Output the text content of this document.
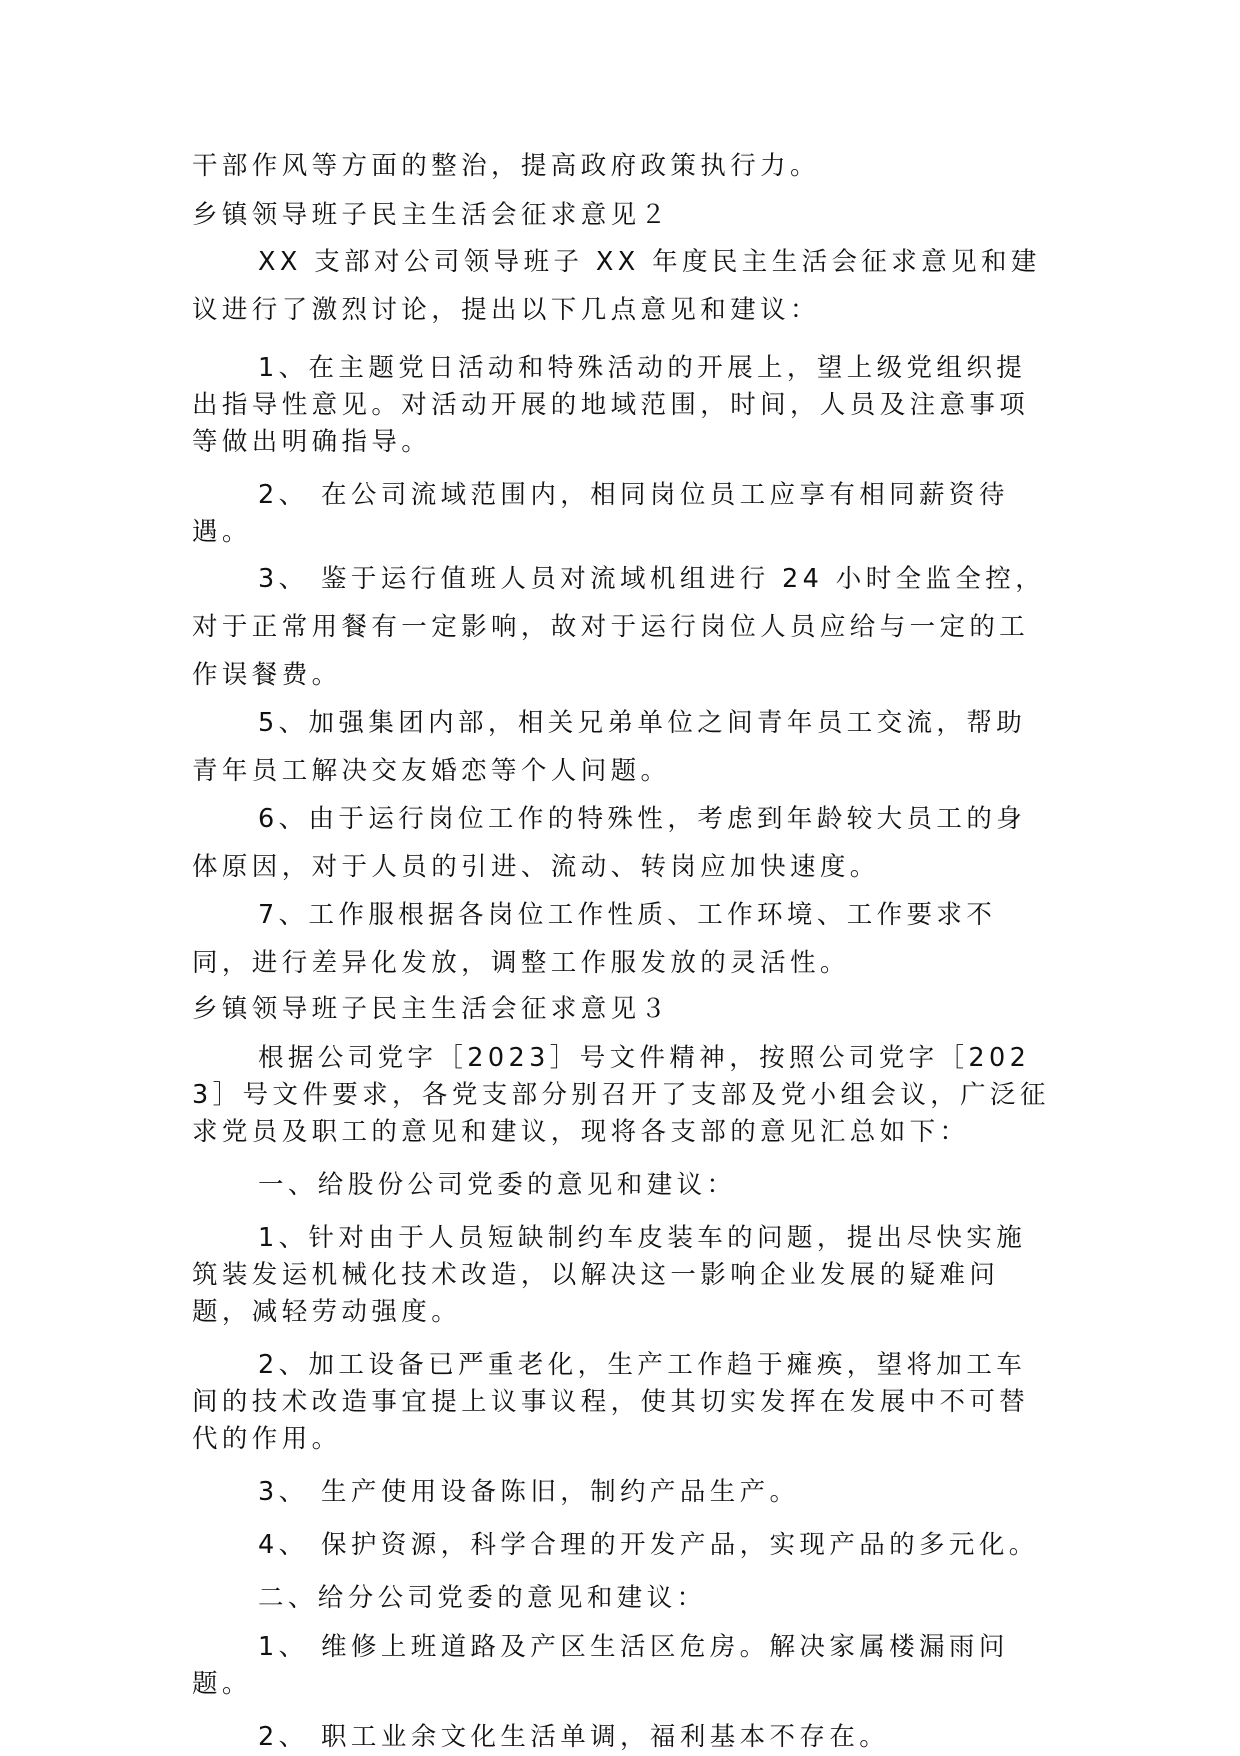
干部作风等方面的整治，提高政府政策执行力。

乡镇领导班子民主生活会征求意见２

XX 支部对公司领导班子 XX 年度民主生活会征求意见和建议进行了激烈讨论，提出以下几点意见和建议：

1、在主题党日活动和特殊活动的开展上，望上级党组织提出指导性意见。对活动开展的地域范围，时间，人员及注意事项等做出明确指导。

2、 在公司流域范围内，相同岗位员工应享有相同薪资待遇。

3、 鉴于运行值班人员对流域机组进行 24 小时全监全控，对于正常用餐有一定影响，故对于运行岗位人员应给与一定的工作误餐费。

5、加强集团内部，相关兄弟单位之间青年员工交流，帮助青年员工解决交友婚恋等个人问题。

6、由于运行岗位工作的特殊性，考虑到年龄较大员工的身体原因，对于人员的引进、流动、转岗应加快速度。

7、工作服根据各岗位工作性质、工作环境、工作要求不同，进行差异化发放，调整工作服发放的灵活性。

乡镇领导班子民主生活会征求意见３

根据公司党字［2023］号文件精神，按照公司党字［2023］号文件要求，各党支部分别召开了支部及党小组会议，广泛征求党员及职工的意见和建议，现将各支部的意见汇总如下：

一、给股份公司党委的意见和建议：

1、针对由于人员短缺制约车皮装车的问题，提出尽快实施筑装发运机械化技术改造，以解决这一影响企业发展的疑难问题，减轻劳动强度。

2、加工设备已严重老化，生产工作趋于瘫痪，望将加工车间的技术改造事宜提上议事议程，使其切实发挥在发展中不可替代的作用。

3、 生产使用设备陈旧，制约产品生产。

4、 保护资源，科学合理的开发产品，实现产品的多元化。

二、给分公司党委的意见和建议：

1、 维修上班道路及产区生活区危房。解决家属楼漏雨问题。

2、 职工业余文化生活单调，福利基本不存在。
